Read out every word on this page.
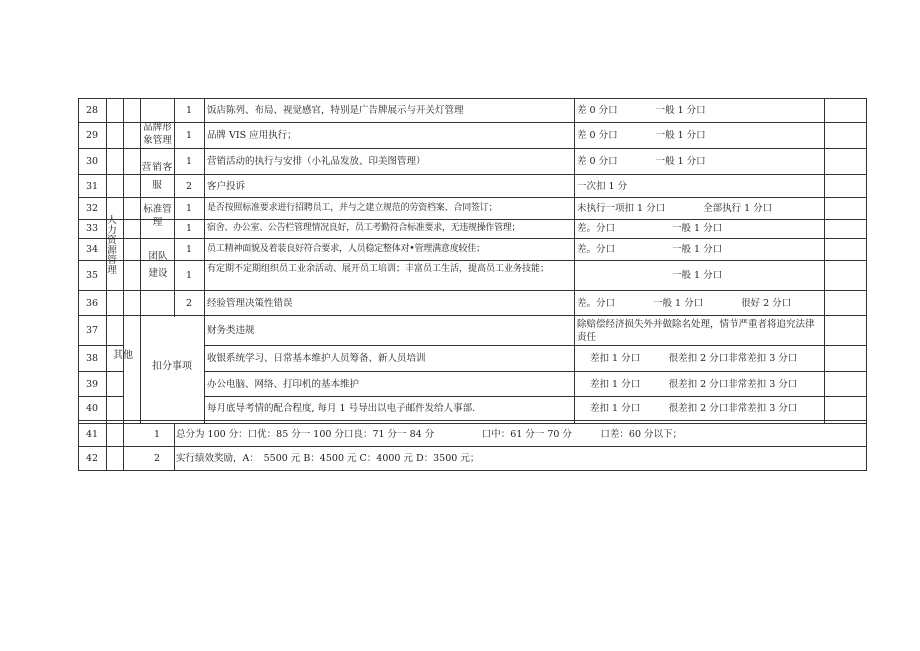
28
29
30
31
32
33
34
35
36
37
38
39
40
41
42
品牌形象管理
营销客服
人力资源管理
标准管理
团队建设
其他
扣分事项
1
1
1
2
1
1
1
1
2
1
2
饭店陈列、布局、视觉感官，特别是广告牌展示与开关灯管理
品牌 VIS 应用执行；
营销活动的执行与安排（小礼品发放、印美图管理）
客户投诉
是否按照标准要求进行招聘员工，并与之建立规范的劳资档案、合同签订；
宿舍、办公室、公告栏管理情况良好，员工考勤符合标准要求，无违规操作管理；
员工精神面貌及着装良好符合要求，人员稳定整体对•管理满意度较佳；
有定期不定期组织员工业余活动、展开员工培训；丰富员工生活，提高员工业务技能；
经验管理决策性错误
财务类违规
收银系统学习、日常基本维护人员筹备、新人员培训
办公电脑、网络、打印机的基本维护
每月底导考情的配合程度, 每月 1 号导出以电子邮件发给人事部.
差 0 分口　　　　一般 1 分口
差 0 分口　　　　一般 1 分口
差 0 分口　　　　一般 1 分口
一次扣 1 分
未执行一项扣 1 分口　　　　全部执行 1 分口
差。分口　　　　　　一般 1 分口
差。分口　　　　　　一般 1 分口
　　　　　　　　　　一般 1 分口
差。分口　　　　一般 1 分口　　　　很好 2 分口
除赔偿经济损失外并做除名处理，情节严重者将追究法律责任
差扣 1 分口　　　很差扣 2 分口非常差扣 3 分口
差扣 1 分口　　　很差扣 2 分口非常差扣 3 分口
差扣 1 分口　　　很差扣 2 分口非常差扣 3 分口
总分为 100 分：口优：85 分一 100 分口良：71 分一 84 分　　　　　口中：61 分一 70 分　　　口差：60 分以下；
实行绩效奖励，A：　5500 元 B：4500 元 C：4000 元 D：3500 元；
